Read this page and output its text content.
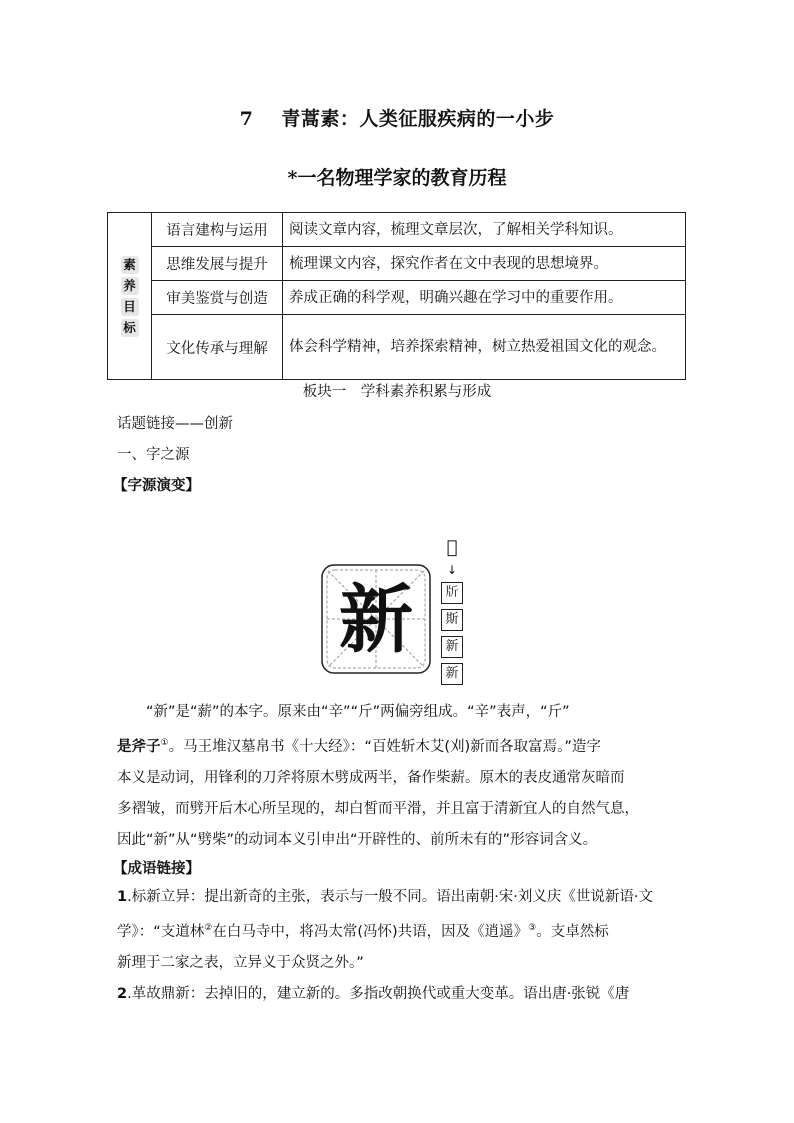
7 青蒿素：人类征服疾病的一小步
*一名物理学家的教育历程
素
养
目
标	语言建构与运用	阅读文章内容，梳理文章层次，了解相关学科知识。
	思维发展与提升	梳理课文内容，探究作者在文中表现的思想境界。
	审美鉴赏与创造	养成正确的科学观，明确兴趣在学习中的重要作用。
	文化传承与理解	体会科学精神，培养探索精神，树立热爱祖国文化的观念。
板块一　学科素养积累与形成
话题链接——创新
一、字之源
【字源演变】
新
𣂚
↓
𣂔
斯
新
新
“新”是“薪”的本字。原来由“辛”“斤”两偏旁组成。“辛”表声，“斤”
是斧子①。马王堆汉墓帛书《十大经》：“百姓斩木艾(刈)新而各取富焉。”造字
本义是动词，用锋利的刀斧将原木劈成两半，备作柴薪。原木的表皮通常灰暗而
多褶皱，而劈开后木心所呈现的，却白皙而平滑，并且富于清新宜人的自然气息，
因此“新”从“劈柴”的动词本义引申出“开辟性的、前所未有的”形容词含义。
【成语链接】
1.标新立异：提出新奇的主张，表示与一般不同。语出南朝·宋·刘义庆《世说新语·文
学》：“支道林②在白马寺中，将冯太常(冯怀)共语，因及《逍遥》③。支卓然标
新理于二家之表，立异义于众贤之外。”
2.革故鼎新：去掉旧的，建立新的。多指改朝换代或重大变革。语出唐·张锐《唐
